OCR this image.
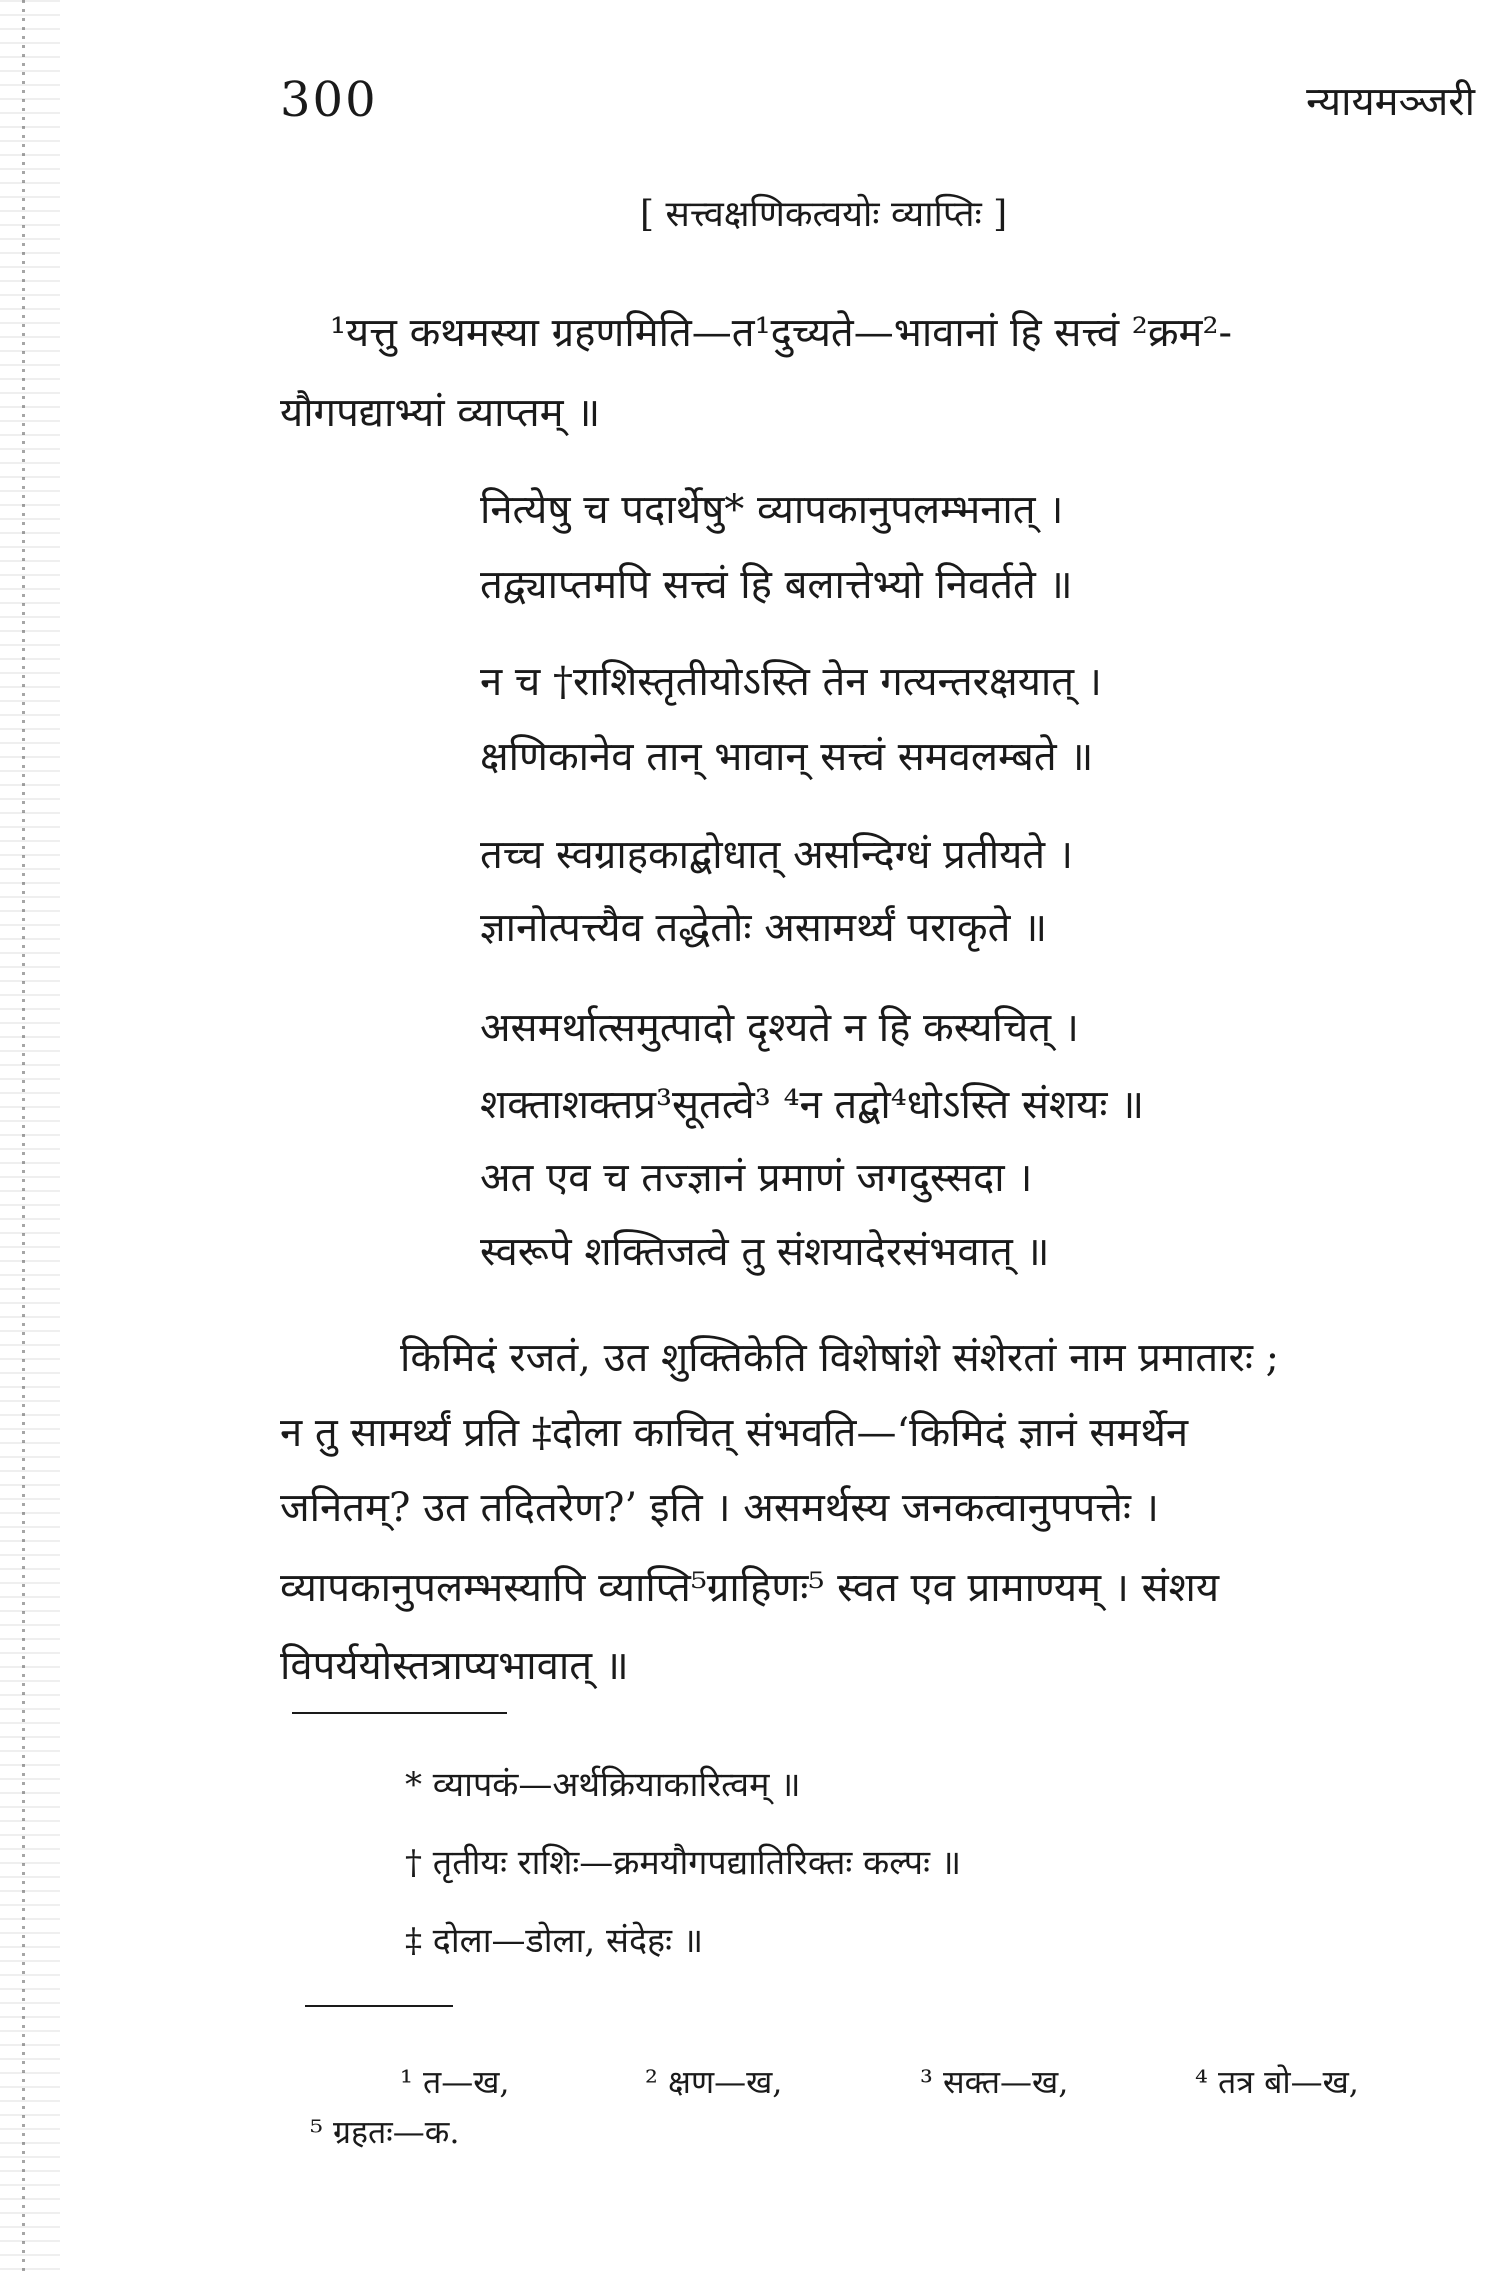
300	न्यायमञ्जरी
[ सत्त्वक्षणिकत्वयोः व्याप्तिः ]
¹यत्तु कथमस्या ग्रहणमिति—त¹दुच्यते—भावानां हि सत्त्वं ²क्रम²-
यौगपद्याभ्यां व्याप्तम् ॥
नित्येषु च पदार्थेषु* व्यापकानुपलम्भनात् ।
तद्व्याप्तमपि सत्त्वं हि बलात्तेभ्यो निवर्तते ॥
न च †राशिस्तृतीयोऽस्ति तेन गत्यन्तरक्षयात् ।
क्षणिकानेव तान् भावान् सत्त्वं समवलम्बते ॥
तच्च स्वग्राहकाद्बोधात् असन्दिग्धं प्रतीयते ।
ज्ञानोत्पत्त्यैव तद्धेतोः असामर्थ्यं पराकृते ॥
असमर्थात्समुत्पादो दृश्यते न हि कस्यचित् ।
शक्ताशक्तप्र³सूतत्वे³ ⁴न तद्बो⁴धोऽस्ति संशयः ॥
अत एव च तज्ज्ञानं प्रमाणं जगदुस्सदा ।
स्वरूपे शक्तिजत्वे तु संशयादेरसंभवात् ॥
किमिदं रजतं, उत शुक्तिकेति विशेषांशे संशेरतां नाम प्रमातारः ;
न तु सामर्थ्यं प्रति ‡दोला काचित् संभवति—‘किमिदं ज्ञानं समर्थेन
जनितम्? उत तदितरेण?’ इति । असमर्थस्य जनकत्वानुपपत्तेः ।
व्यापकानुपलम्भस्यापि व्याप्ति⁵ग्राहिणः⁵ स्वत एव प्रामाण्यम् । संशय
विपर्ययोस्तत्राप्यभावात् ॥
* व्यापकं—अर्थक्रियाकारित्वम् ॥
† तृतीयः राशिः—क्रमयौगपद्यातिरिक्तः कल्पः ॥
‡ दोला—डोला, संदेहः ॥
¹ त—ख,	² क्षण—ख,	³ सक्त—ख,	⁴ तत्र बो—ख,
⁵ ग्रहतः—क.
